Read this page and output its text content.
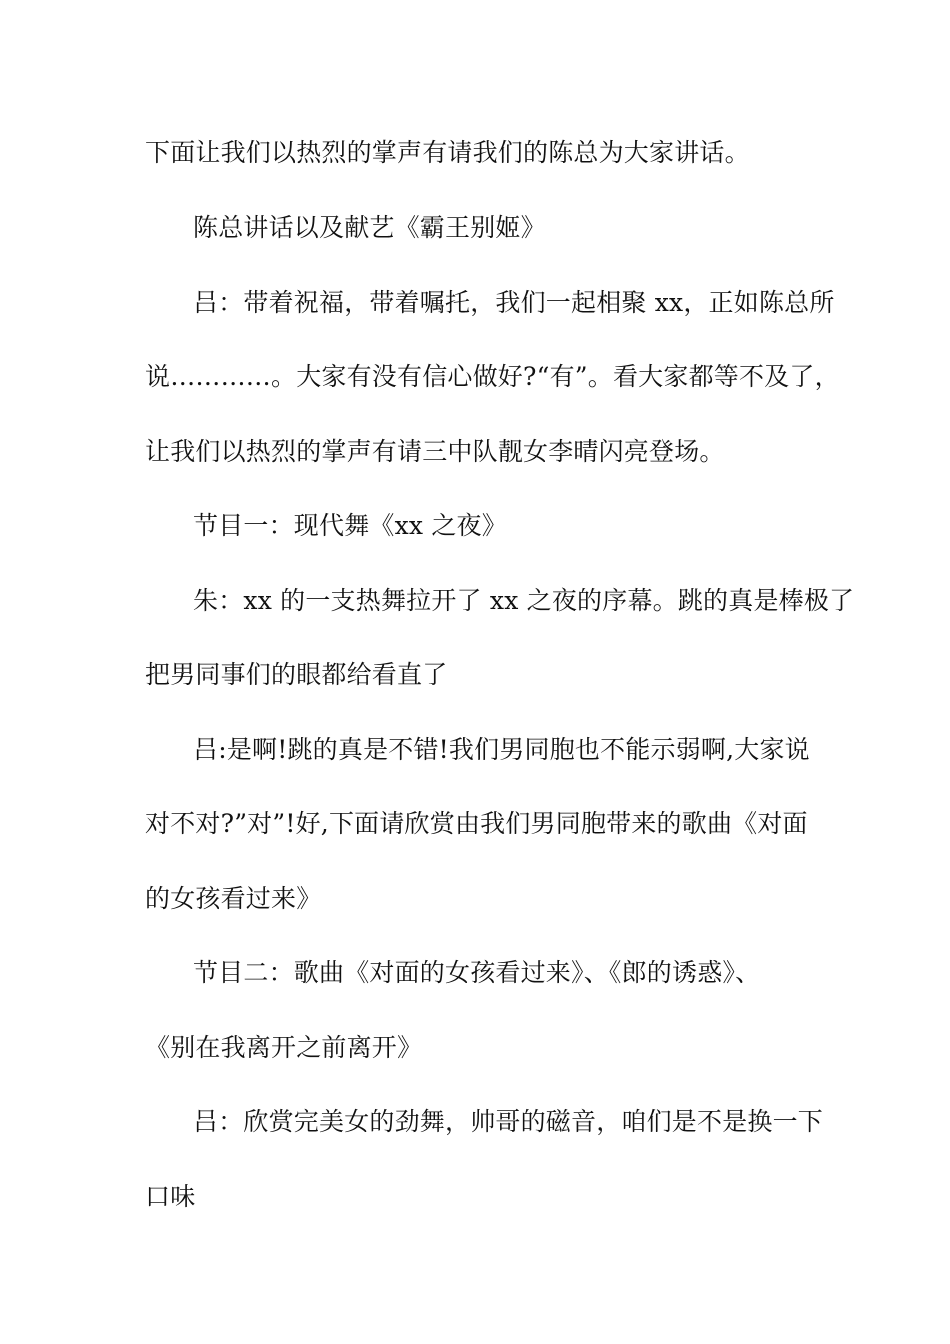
下面让我们以热烈的掌声有请我们的陈总为大家讲话。
陈总讲话以及献艺《霸王别姬》
吕：带着祝福，带着嘱托，我们一起相聚 xx，正如陈总所
说…………。大家有没有信心做好?“有”。看大家都等不及了，
让我们以热烈的掌声有请三中队靓女李晴闪亮登场。
节目一：现代舞《xx 之夜》
朱：xx 的一支热舞拉开了 xx 之夜的序幕。跳的真是棒极了
把男同事们的眼都给看直了
吕:是啊!跳的真是不错!我们男同胞也不能示弱啊,大家说
对不对?”对”!好,下面请欣赏由我们男同胞带来的歌曲《对面
的女孩看过来》
节目二：歌曲《对面的女孩看过来》、《郎的诱惑》、
《别在我离开之前离开》
吕：欣赏完美女的劲舞，帅哥的磁音，咱们是不是换一下
口味
